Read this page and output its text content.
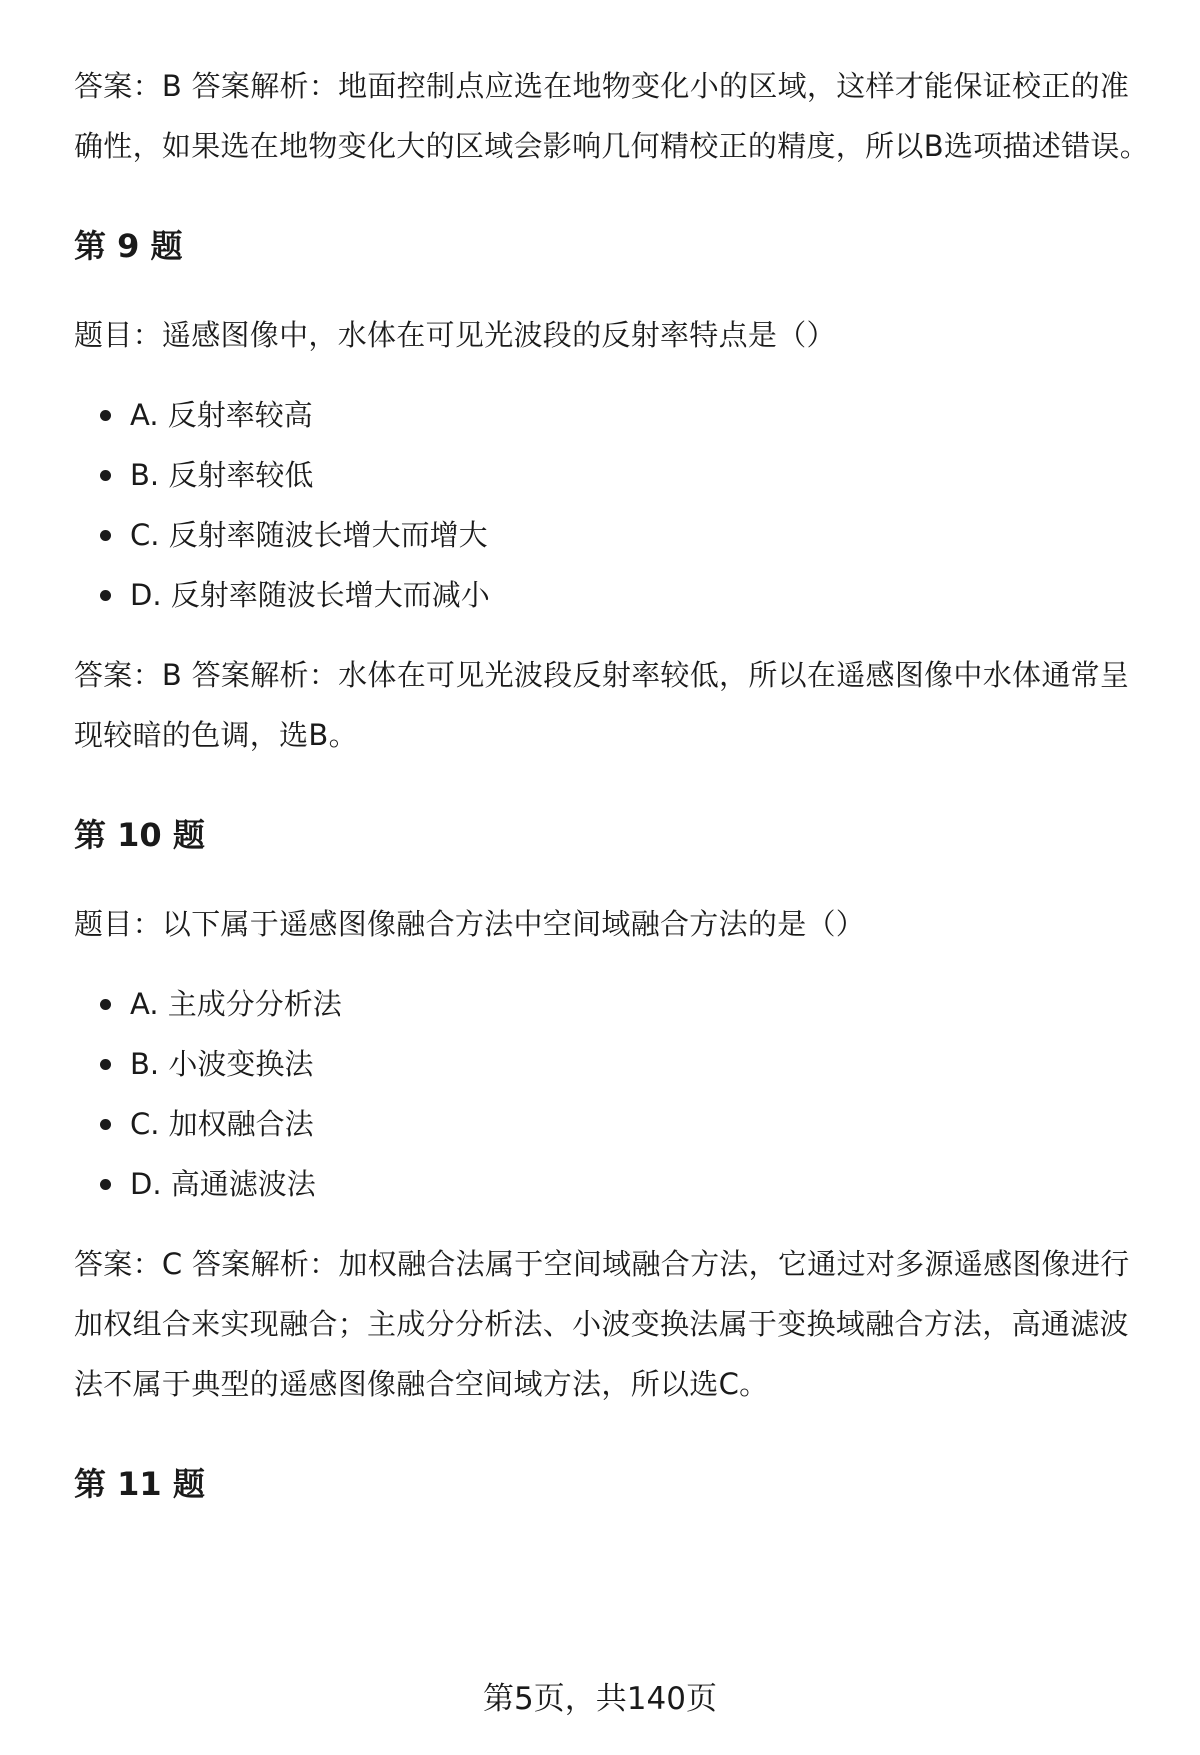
答案：B 答案解析：地面控制点应选在地物变化小的区域，这样才能保证校正的准确性，如果选在地物变化大的区域会影响几何精校正的精度，所以B选项描述错误。

第 9 题

题目：遥感图像中，水体在可见光波段的反射率特点是（）

A. 反射率较高
B. 反射率较低
C. 反射率随波长增大而增大
D. 反射率随波长增大而减小

答案：B 答案解析：水体在可见光波段反射率较低，所以在遥感图像中水体通常呈现较暗的色调，选B。

第 10 题

题目：以下属于遥感图像融合方法中空间域融合方法的是（）

A. 主成分分析法
B. 小波变换法
C. 加权融合法
D. 高通滤波法

答案：C 答案解析：加权融合法属于空间域融合方法，它通过对多源遥感图像进行加权组合来实现融合；主成分分析法、小波变换法属于变换域融合方法，高通滤波法不属于典型的遥感图像融合空间域方法，所以选C。

第 11 题
第5页，共140页
